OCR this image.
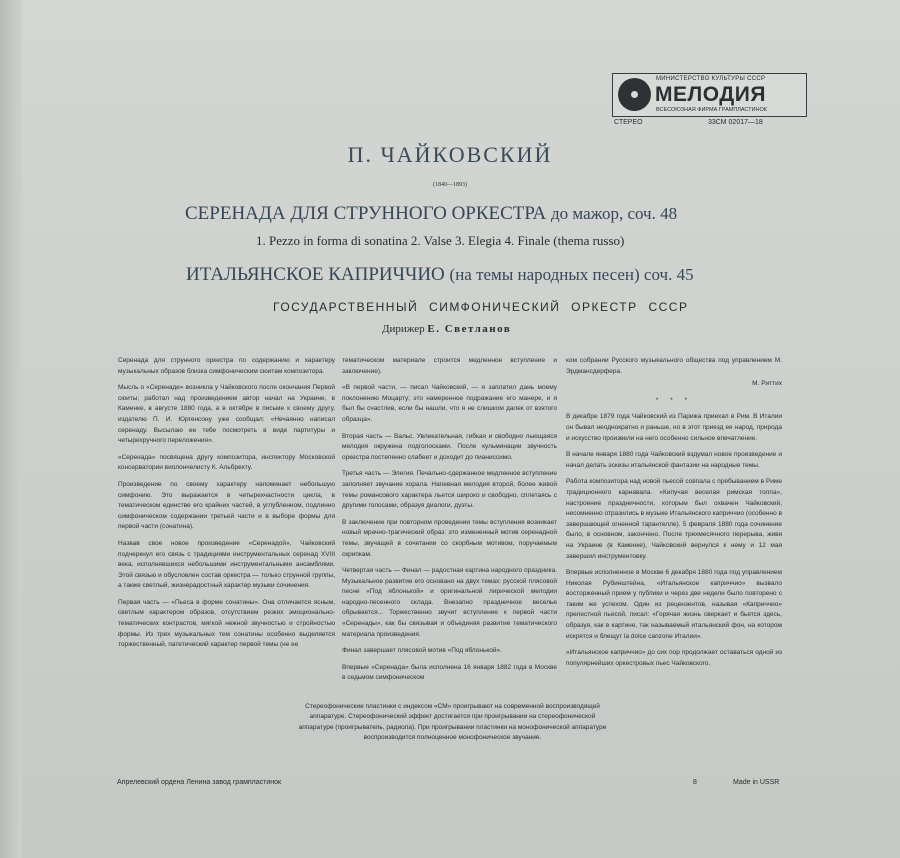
МИНИСТЕРСТВО КУЛЬТУРЫ СССР
МЕЛОДИЯ
ВСЕСОЮЗНАЯ ФИРМА ГРАМПЛАСТИНОК
СТЕРЕО	33СМ 02017—18
П. ЧАЙКОВСКИЙ
(1840—1893)
СЕРЕНАДА ДЛЯ СТРУННОГО ОРКЕСТРА до мажор, соч. 48
1. Pezzo in forma di sonatina 2. Valse 3. Elegia 4. Finale (thema russo)
ИТАЛЬЯНСКОЕ КАПРИЧЧИО (на темы народных песен) соч. 45
ГОСУДАРСТВЕННЫЙ СИМФОНИЧЕСКИЙ ОРКЕСТР СССР
Дирижер Е. Светланов

Серенада для струнного оркестра по содержанию и характеру музыкальных образов близка симфоническим сюитам композитора.

Мысль о «Серенаде» возникла у Чайковского после окончания Первой сюиты; работал над произведением автор начал на Украине, в Каменке, в августе 1880 года, а в октябре в письме к своему другу, издателю П. И. Юргенсону уже сообщал: «Нечаянно написал серенаду. Высылаю ее тебе посмотреть в виде партитуры и четырехручного переложения».

«Серенада» посвящена другу композитора, инспектору Московской консерватории виолончелисту К. Альбрехту.

Произведение по своему характеру напоминает небольшую симфонию. Это выражается в четырехчастности цикла, в тематическом единстве его крайних частей, в углубленном, подлинно симфоническом содержании третьей части и в выборе формы для первой части (сонатина).

Назвав свое новое произведение «Серенадой», Чайковский подчеркнул его связь с традициями инструментальных серенад XVIII века, исполнявшихся небольшими инструментальными ансамблями. Этой связью и обусловлен состав оркестра — только струнной группы, а также светлый, жизнерадостный характер музыки сочинения.

Первая часть — «Пьеса в форме сонатины». Она отличается ясным, светлым характером образов, отсутствием резких эмоционально-тематических контрастов, мягкой нежной звучностью и стройностью формы. Из трех музыкальных тем сонатины особенно выделяется торжественный, патетический характер первой темы (не ее

тематическом материале строится медленное вступление и заключение).

«В первой части, — писал Чайковский, — я заплатил дань моему поклонению Моцарту; это намеренное подражание его манере, и я был бы счастлив, если бы нашли, что я не слишком далек от взятого образца».

Вторая часть — Вальс. Увлекательная, гибкая и свободно льющаяся мелодия окружена подголосками. После кульминации звучность оркестра постепенно слабеет и доходит до пианиссимо.

Третья часть — Элегия. Печально-сдержанное медленное вступление заполняет звучание хорала. Напевная мелодия второй, более живой темы романсового характера льется широко и свободно, сплетаясь с другими голосами, образуя диалоги, дуэты.

В заключение при повторном проведении темы вступления возникает новый мрачно-трагический образ: это измененный мотив серенадной темы, звучащей в сочетании со скорбным мотивом, поручаемым скрипкам.

Четвертая часть — Финал — радостная картина народного праздника. Музыкальное развитие его основано на двух темах: русской плясовой песне «Под яблонькой» и оригинальной лирической мелодии народно-песенного склада. Внезапно праздничное веселье обрывается... Торжественно звучит вступление к первой части «Серенады», как бы связывая и объединяя развитие тематического материала произведения.

Финал завершает плясовой мотив «Под яблонькой».

Впервые «Серенада» была исполнена 16 января 1882 года в Москве в седьмом симфоническом

ком собрании Русского музыкального общества под управлением М. Эрдмансдерфера.

М. Риттих

* * *

В декабре 1879 года Чайковский из Парижа приехал в Рим. В Италии он бывал неоднократно и раньше, но в этот приезд ее народ, природа и искусство произвели на него особенно сильное впечатление.

В начале января 1880 года Чайковский вздумал новое произведение и начал делать эскизы итальянской фантазии на народные темы.

Работа композитора над новой пьесой совпала с пребыванием в Риме традиционного карнавала. «Кипучая веселая римская толпа», настроение праздничности, которым был охвачен Чайковский, несомненно отразились в музыке Итальянского каприччио (особенно в завершающей огненной тарантелле). 5 февраля 1880 года сочинение было, в основном, закончено. После трехмесячного перерыва, живя на Украине (в Каменке), Чайковский вернулся к нему и 12 мая завершил инструментовку.

Впервые исполненное в Москве 6 декабря 1880 года под управлением Николая Рубинштейна, «Итальянское каприччио» вызвало восторженный прием у публики и через две недели было повторено с таким же успехом. Один из рецензентов, называя «Каприччио» прелестной пьесой, писал: «Горячая жизнь сверкает и бьется здесь, образуя, как в картине, так называемый итальянский фон, на котором искрятся и блещут la dolce canzone Италии».

«Итальянское каприччио» до сих пор продолжает оставаться одной из популярнейших оркестровых пьес Чайковского.

Стереофонические пластинки с индексом «СМ» проигрывают на современной воспроизводящей аппаратуре. Стереофонический эффект достигается при проигрывании на стереофонической аппаратуре (проигрыватель, радиола). При проигрывании пластинки на монофонической аппаратуре воспроизводится полноценное монофоническое звучание.
Апрелевский ордена Ленина завод грампластинок	8	Made in USSR
